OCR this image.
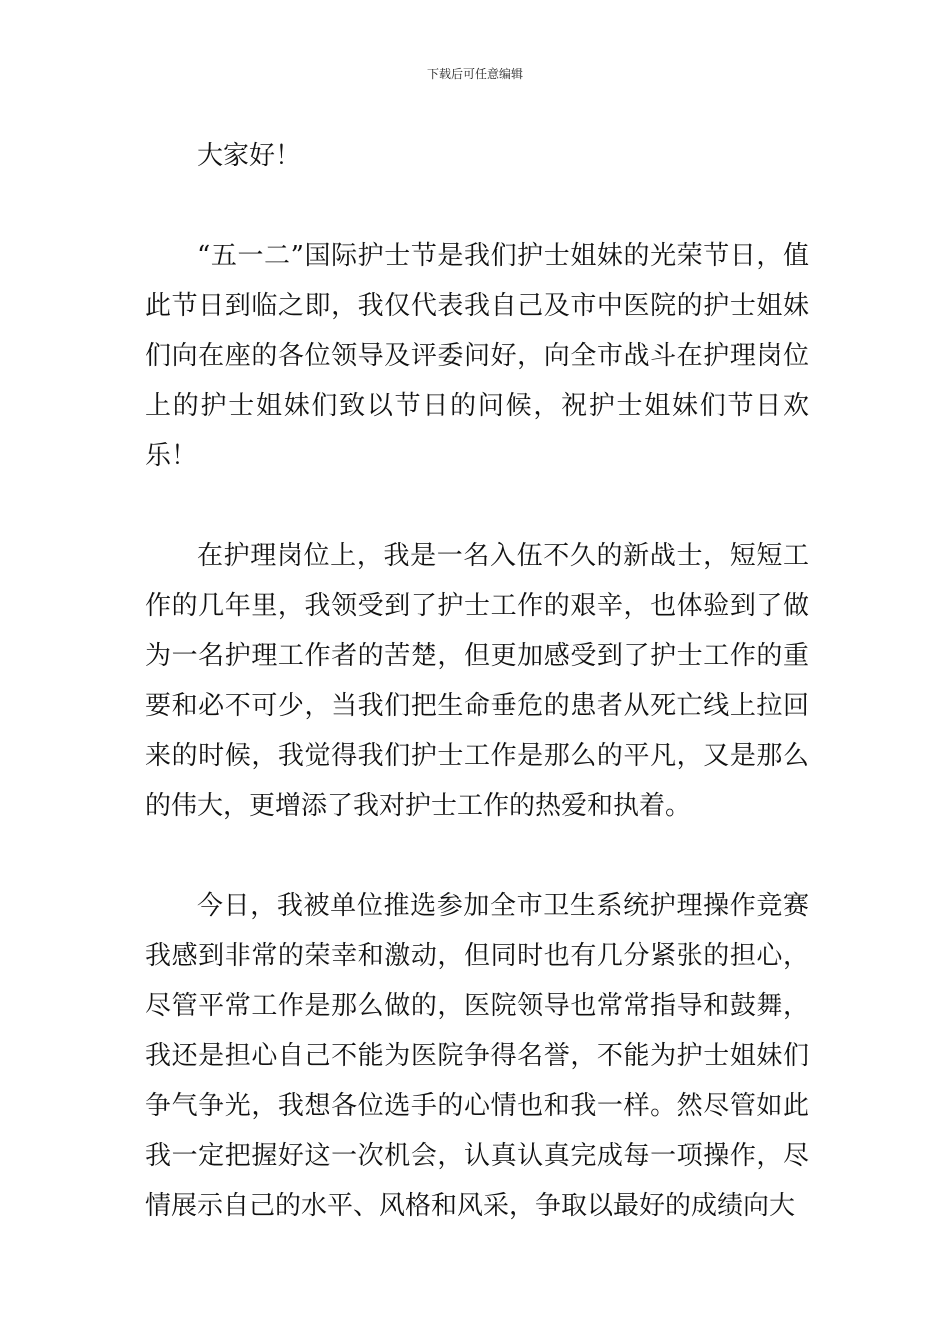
下载后可任意编辑

大家好！

“五一二”国际护士节是我们护士姐妹的光荣节日，值此节日到临之即，我仅代表我自己及市中医院的护士姐妹们向在座的各位领导及评委问好，向全市战斗在护理岗位上的护士姐妹们致以节日的问候，祝护士姐妹们节日欢乐！

在护理岗位上，我是一名入伍不久的新战士，短短工作的几年里，我领受到了护士工作的艰辛，也体验到了做为一名护理工作者的苦楚，但更加感受到了护士工作的重要和必不可少，当我们把生命垂危的患者从死亡线上拉回来的时候，我觉得我们护士工作是那么的平凡，又是那么的伟大，更增添了我对护士工作的热爱和执着。

今日，我被单位推选参加全市卫生系统护理操作竞赛我感到非常的荣幸和激动，但同时也有几分紧张的担心，尽管平常工作是那么做的，医院领导也常常指导和鼓舞，我还是担心自己不能为医院争得名誉，不能为护士姐妹们争气争光，我想各位选手的心情也和我一样。然尽管如此我一定把握好这一次机会，认真认真完成每一项操作，尽情展示自己的水平、风格和风采，争取以最好的成绩向大
